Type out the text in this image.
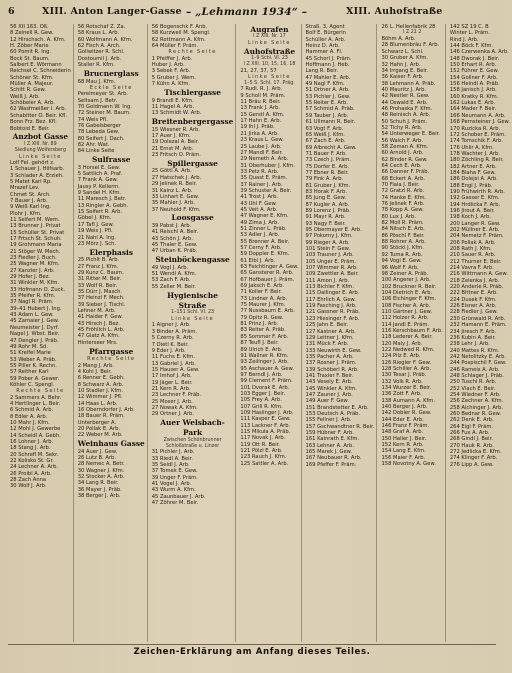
6	XIII. Anton Langer-Gasse – „Lehmann 1934“ –	XIII. Auhofstraße
56 XII 163. Oß.
8 Zeinell R. Gew.
12 Hirschsch. A. Kfm.
H. Zöber Marie
60 Pomit R. Ing.
Bock St. Baum.
Salbert E. Wörmann
Reichsel C. Schneiderin
Schöner St. Kfm.
Müller A. Majeur.
Schitt R. Gew.
Weiß J. Arb.
Schöbeler A. Arb.
62 Wasfmeißer I. Arb.
Schabitter O. Beir. Kfl.
Bonn Frz. Bez. Kfl.
Bobtoid E. Beir.
Anzbot Gasse
I Z XIII. Nr. 89
Siedlung Wolfersberg
Linke Seite
Lolf Fel. gehört z.
1 Schauer J. Hilfsarb.
3 Schlader A. Erzieh.
5 Matet Karl Rp.
Mrazef Lev.
Chmet St. Arch.
7 Bauer J. Arb.
9 Weiß Karl Ing.
Plohr J. Kfm.
11 Seifert M. Wem.
13 Brunner J. Privat
15 Schüller St. Privat
17 Frtsch St. Schuh.
19 Grohmann Maria
21 Stöger W. Mech.
23 Fiedler J. Buch.
25 Wagner M. Kfm.
27 Kanzler J. Arb.
29 Hofer J. Bez.
31 Winkler M. Kfm.
33 Hofmann O. Zuck.
35 Pfeifer R. Kfm.
37 Nagl R. Präm.
39–41 Hubert J. Ing.
43 Adam L. Gew.
45 Zamaier J. Gew.
Neumeister J. Dyrf.
Nagel J. Wbst. Beir.
47 Dengler J. Präb.
49 Rohr M. Sd.
51 Kreifel Marie
53 Weber A. Präb.
55 Piller K. Rechn.
57 Reither Karl
59 Pober A. Gewer.
Köhler C. Spengl.
Rechte Seite
2 Sammers A. Behr.
4 Hertlinger L. Beir.
6 Schmid A. Arb.
8 Edler A. Arb.
10 Mahr J. Kfm.
12 Mohl J. Gewerbe
14 Scheidl A. Gebh.
16 Lohner J. Arb.
18 Stang J. Arb.
20 Schrefl M. Sekr.
22 Kolisko St. Gr.
24 Lechner A. Arb.
26 Proibl A. Arb.
28 Zach Anna
30 Wolf J. Arb.
56 Rotschaf Z. Za.
58 Kraus L. Arb.
60 Wolfmann A. Kfm.
62 Fisch A. Arch.
Gollwitzer R. Schl.
Dostoumil J. Arb.
Staller R. Kfm.
Brucnerglass
68 Mau J. Kfm.
Eckle Seite
Perelmeyer St. Arb.
Seltsam J. Betr.
70 Goldmann W. Ing.
72 Steiner M. Baum.
74 Weis Pfl.
76 Gabelsberger
78 Lebeda Gew.
80 Seifert J. Dach.
82 Ahr. Wat.
84 Linke Seite
Sulfrasse
3 Horsel E. Gew.
5 Sattlich A. Praf.
7 Frank A. Gew.
Jausy P. Kellerm.
9 Sandel H. Kfm.
11 Maresch J. Betr.
13 Ringler A. Gebh.
15 Seifert R. Arb.
Göbel J. Kfm.
17 Tafl J. Gew.
19 Weis J. Pfl.
21 Nahl A. Ing.
23 Mörz J. Sch.
Elerphasis
25 Pichlt B. Arb.
27 Franz J. Kfm.
29 Kunz C. Baum.
31 Ritter M. Beir.
33 Wolf R. Beir.
35 Dürr J. Masch.
37 Heinzl F. Mech.
39 Sieber J. Tischl.
Lehner M. Arb.
41 Haider F. Gew.
43 Hirsch J. Bez.
45 Fröhlich L. Arb.
47 Glatz A. Kfm.
Hinterseer Mrs.
Pfarrgasse
Rechte Seite
2 Mang J. Arb.
4 Kohl J. Beir.
6 Renner E. Gebh.
8 Schwarz A. Arb.
10 Stadler J. Kfm.
12 Wimmer J. Pfl.
14 Haas L. Arb.
16 Oberndorfer J. Arb.
18 Bauer R. Präm.
Unterberger A.
20 Pollak E. Arb.
22 Weber M. Arb.
Weinhaus Gasse
24 Auer J. Gew.
26 Lutz B. Arb.
28 Nemec A. Betr.
30 Wagner J. Kfm.
32 Stocker A. Arb.
34 Lang R. Beir.
36 Mayer J. Präb.
38 Berger J. Arb.
56 Bogenschk F. Anb.
58 Kurzweil M. Spengl.
62 Rottmann A. Kfm.
64 Müller F. Präm.
Rechte Seite
1 Pfeiffer J. Arb.
Huber J. Arb.
3 Sebek F. Arb.
5 Gruber J. Wem.
7 Kühn A. Kfm.
Tischlergasse
9 Brandl E. Kfm.
11 Hagel A. Arb.
13 Schmidt W. Arb.
Breitenbergergasse
15 Wiesner R. Arb.
17 Auer J. Kfm.
19 Dolezal A. Beir.
21 Ernst M. Arb.
23 Fritsch O. Präm.
Spillergasse
25 Göttl A. Arb.
27 Hatschek J. Arb.
29 Jelinek R. Beir.
31 Kainz L. Arb.
33 Linhart E. Gew.
35 Mahler J. Arb.
37 Neuhold F. Kfm.
Loosgasse
39 Pabst J. Arb.
41 Reischl A. Beir.
43 Schön J. Arb.
45 Thaler E. Gew.
47 Urban K. Präb.
Steinböckengasse
49 Vogl J. Arb.
51 Wendl A. Kfm.
53 Zach F. Arb.
55 Zeller M. Beir.
Hygienische
Straße
1–151 Schl. VI. 23
Linke Seite
1 Aigner J. Arb.
3 Binder A. Präm.
5 Czerny R. Arb.
7 Dietl K. Beir.
9 Eder J. Arb.
11 Fuchs E. Kfm.
13 Gabriel J. Arb.
15 Hauser A. Gew.
17 Imhof J. Arb.
19 Jäger L. Beir.
21 Kern R. Arb.
23 Lechner F. Präb.
25 Moser J. Arb.
27 Nowak A. Kfm.
29 Ortner J. Arb.
Auer Welsbach-
Park
Zwischen Schönbrunner
Schloßstraße u. Linzer
31 Pichler J. Arb.
33 Riedl A. Beir.
35 Seidl J. Arb.
37 Tomek E. Gew.
39 Unger F. Präm.
41 Vogel J. Arb.
43 Wurm A. Kfm.
45 Zaunbauer J. Arb.
47 Zöhrer M. Beir.
Augrafen
I Z XIII. Nr. 17
Linke Seite
Auhofstraße
1–9 Schl. VI. 23
I Z XIII. 10, 15, 16, 18
21, 27, 37, 57
Linke Seite
1–5 S. Schl. 17. Präg.
7 Rudl. R. J. Arb.
9 Scholl M. Präm.
11 Bräu R. Beir.
13 Frank J. Arb.
15 Gerstl A. Kfm.
17 Hahn E. Arb.
19 Ihl J. Präb.
21 Jirka A. Arb.
23 Kraus L. Gew.
25 Laube J. Arb.
27 Mandl F. Beir.
29 Nemeth A. Arb.
31 Oberhuber J. Kfm.
33 Petz R. Arb.
35 Quast E. Präm.
37 Rainer J. Arb.
39 Schuster A. Beir.
41 Trost J. Arb.
43 Uhl F. Gew.
45 Veit A. Arb.
47 Wagner E. Kfm.
49 Zima J. Arb.
51 Zinner L. Präb.
53 Adler J. Arb.
55 Brenner A. Beir.
57 Cerny F. Arb.
59 Doppler E. Kfm.
61 Eibl J. Arb.
63 Feichtinger A. Gew.
65 Gansterer R. Arb.
67 Hofbauer J. Präm.
69 Jaksch E. Arb.
71 Koller F. Beir.
73 Lindner A. Arb.
75 Maurer J. Kfm.
77 Nussbaum E. Arb.
79 Opitz R. Gew.
81 Prinz J. Arb.
83 Reiter A. Präb.
85 Sommer F. Arb.
87 Teufl J. Beir.
89 Ulrich E. Arb.
91 Wallner R. Kfm.
93 Zeilinger J. Arb.
95 Aschauer A. Gew.
97 Berndl J. Arb.
99 Clement F. Präm.
101 Dvorak E. Arb.
103 Egger J. Beir.
105 Frey A. Arb.
107 Grill R. Kfm.
109 Haslinger J. Arb.
111 Kasper E. Gew.
113 Lackner F. Arb.
115 Mikula A. Präb.
117 Novak J. Arb.
119 Ott R. Beir.
121 Pölzl E. Arb.
123 Rauch J. Kfm.
125 Sattler A. Arb.
Straß. 3, Agent
Bolf E. Bürgerin
Schüller A. Arb.
Heinz D. Arb.
Hammer A. Fl.
45 Schorl J. Präm.
Hoffmann J. Heb.
Lang R. Beir.
47 Mahler E. Arb.
49 Nagl F. Kfm.
51 Ortner A. Arb.
53 Pichler J. Gew.
55 Reiter E. Arb.
57 Schmid A. Präb.
59 Tauber J. Arb.
61 Ullmann R. Beir.
63 Vogt F. Arb.
65 Weiß J. Kfm.
67 Zach E. Arb.
69 Albrecht A. Gew.
71 Bauer F. Arb.
73 Czech J. Präm.
75 Dorfer E. Arb.
77 Ebner R. Beir.
79 Fink A. Arb.
81 Gruber J. Kfm.
83 Horak F. Arb.
85 Jung E. Gew.
87 Kugler A. Arb.
89 Lorenz J. Präb.
91 Mayr R. Arb.
93 Nagy F. Beir.
95 Obermayer E. Arb.
97 Pokorny J. Kfm.
99 Rieger A. Arb.
101 Stein F. Gew.
103 Trauner J. Arb.
105 Unger E. Präm.
107 Wimmer R. Arb.
109 Zwettler A. Beir.
111 Amon J. Arb.
113 Bichler F. Kfm.
115 Dallinger E. Arb.
117 Ehrlich A. Gew.
119 Fasching J. Arb.
121 Gassner R. Präb.
123 Hiesinger F. Arb.
125 Jahn E. Beir.
127 Kastner A. Arb.
129 Leitner J. Kfm.
131 Mück F. Arb.
133 Neuwirth E. Gew.
135 Pacher A. Arb.
137 Rosner J. Präm.
139 Schöberl R. Arb.
141 Traxler F. Beir.
143 Vesely E. Arb.
145 Winkler A. Kfm.
147 Zauner J. Arb.
149 Auer F. Gew.
151 Brandstetter E. Arb.
153 Deutsch A. Präb.
155 Fellner J. Arb.
157 Gschwandtner R. Beir.
159 Hübner F. Arb.
161 Kainrath E. Kfm.
163 Lehner A. Arb.
165 Marek J. Gew.
167 Neubauer R. Arb.
169 Pfeffer F. Präm.
26 L. Hellenfabrik 28
I Z 21 2
Böhm A. Arb.
28 Blumenbräu F. Arb.
Schwarz L. Schl.
30 Gruber A. Kfm.
32 Hahn J. Arb.
34 Irrgang E. Beir.
36 Kaiser F. Arb.
38 Lehmann A. Präb.
40 Mauritz J. Arb.
42 Nestler R. Gew.
44 Oswald E. Arb.
46 Prohaska F. Kfm.
48 Reinisch A. Arb.
50 Schuh J. Präm.
52 Tichy R. Arb.
54 Unterweger E. Beir.
56 Walch F. Arb.
58 Zeman A. Kfm.
60 Arnold J. Arb.
62 Binder R. Gew.
64 Cech E. Arb.
66 Danner F. Präb.
68 Eckert A. Arb.
70 Fiala J. Beir.
72 Gratzl R. Arb.
74 Hanke E. Kfm.
76 Jelinek F. Arb.
78 Kopp A. Gew.
80 Lux J. Arb.
82 Moll R. Präm.
84 Nitsch E. Arb.
86 Pöschl F. Beir.
88 Rohrer A. Arb.
90 Stöckl J. Kfm.
92 Tuma R. Arb.
94 Vogl E. Gew.
96 Wolf F. Arb.
98 Zeiner A. Präb.
100 Angerer J. Arb.
102 Bruckner R. Beir.
104 Dietrich E. Arb.
106 Eichinger F. Kfm.
108 Fischer A. Arb.
110 Gärtner J. Gew.
112 Holzer R. Arb.
114 Jandl E. Präm.
116 Kerschbaum F. Arb.
118 Lederer A. Beir.
120 Maly J. Arb.
122 Nedwed R. Kfm.
124 Pilz E. Arb.
126 Riegler F. Gew.
128 Schiller A. Arb.
130 Tesar J. Präb.
132 Volk R. Arb.
134 Wurzer E. Beir.
136 Zott F. Arb.
138 Aumann A. Kfm.
140 Berger J. Arb.
142 Dobler R. Gew.
144 Eder E. Arb.
146 Franz F. Präm.
148 Graf A. Arb.
150 Haller J. Beir.
152 Kern R. Arb.
154 Lang E. Kfm.
156 Maier F. Arb.
158 Novotny A. Gew.
142 SZ 19 C. B
Winter L. Präm.
Rind J. Arb.
144 Böck F. Kfm.
146 Czerwenka A. Arb.
148 Dworak J. Beir.
150 Erhart R. Arb.
152 Führer E. Gew.
154 Gollner F. Arb.
156 Heindl A. Präb.
158 Janisch J. Arb.
160 Kratky R. Kfm.
162 Lukas E. Arb.
164 Mader F. Beir.
166 Neumann A. Arb.
168 Pernsteiner J. Gew.
170 Ruzicka R. Arb.
172 Schober E. Präm.
174 Tomschik F. Arb.
176 Uhlir A. Kfm.
178 Wachter J. Arb.
180 Zöchling R. Beir.
182 Artner E. Arb.
184 Blaha F. Gew.
186 Dolejsi A. Arb.
188 Engl J. Präb.
190 Frühwirth R. Arb.
192 Gasser E. Kfm.
194 Hrdlicka F. Arb.
196 Jirout A. Beir.
198 Koch J. Arb.
200 Langer R. Gew.
202 Müllner E. Arb.
204 Nemetz F. Präm.
206 Pollak A. Arb.
208 Rath J. Kfm.
210 Sauer R. Arb.
212 Thurner E. Beir.
214 Vavra F. Arb.
216 Wittmann A. Gew.
218 Zelenka J. Arb.
220 Anderle R. Präb.
222 Bittner E. Arb.
224 Dusek F. Kfm.
226 Eisner A. Arb.
228 Fiedler J. Gew.
230 Grünwald R. Arb.
232 Hamann E. Präm.
234 Jiresch F. Arb.
236 Kubin A. Beir.
238 Lehr J. Arb.
240 Mattes R. Kfm.
242 Netolitzky E. Arb.
244 Pospischil F. Gew.
246 Rameis A. Arb.
248 Schlager J. Präb.
250 Tuschl R. Arb.
252 Vlach E. Beir.
254 Wiedner F. Arb.
256 Zechner A. Kfm.
258 Aichinger J. Arb.
260 Bednar R. Gew.
262 Denk E. Arb.
264 Eigl F. Präm.
266 Fux A. Arb.
268 Gindl J. Beir.
270 Hauk R. Arb.
272 Jedlicka E. Kfm.
274 Klinger F. Arb.
276 Lipp A. Gew.
Zeichen-Erklärung am Anfang dieses Teiles.
